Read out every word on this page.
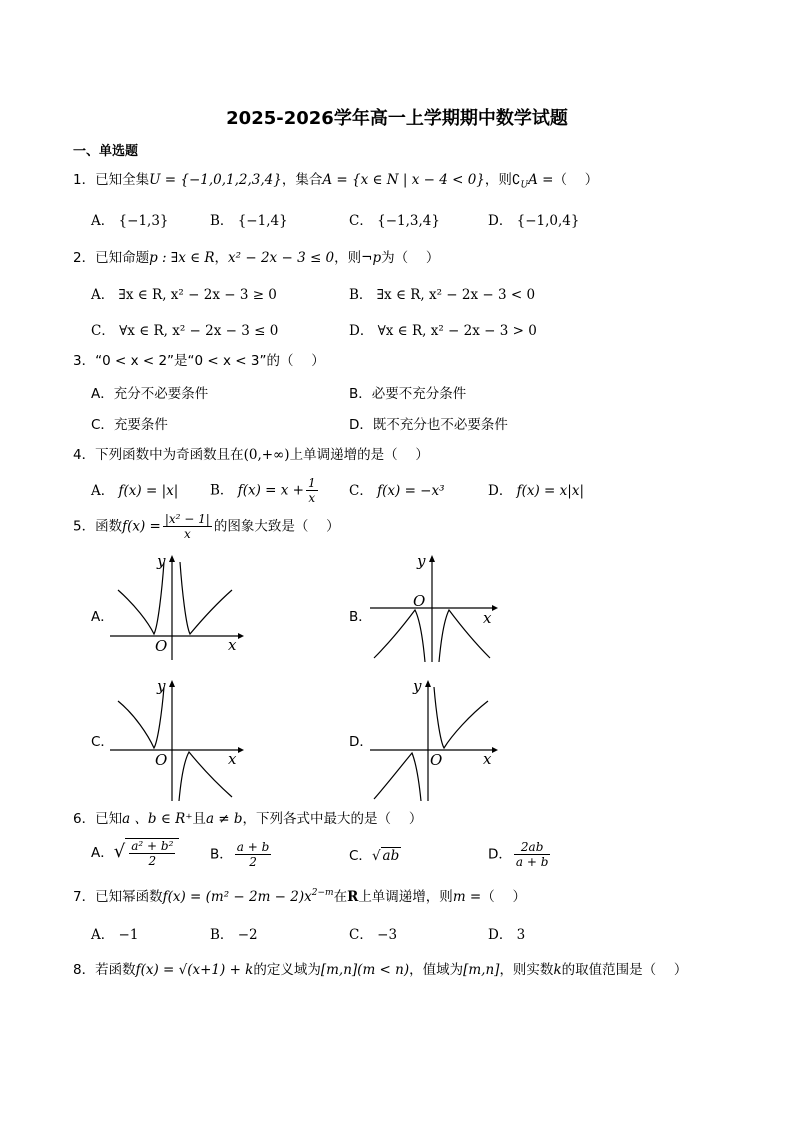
2025-2026学年高一上学期期中数学试题
一、单选题
1．已知全集U = {−1,0,1,2,3,4}，集合A = {x ∈ N | x − 4 < 0}，则$∁_UA$ =（　 ）
A． {−1,3}	B． {−1,4}	C． {−1,3,4}	D． {−1,0,4}
2．已知命题p : ∃x ∈ R，x² − 2x − 3 ≤ 0，则¬p为（　 ）
A． ∃x ∈ R, x² − 2x − 3 ≥ 0	B． ∃x ∈ R, x² − 2x − 3 < 0
C． ∀x ∈ R, x² − 2x − 3 ≤ 0	D． ∀x ∈ R, x² − 2x − 3 > 0
3．“0 < x < 2”是“0 < x < 3”的（　 ）
A．充分不必要条件	B．必要不充分条件
C．充要条件	D．既不充分也不必要条件
4．下列函数中为奇函数且在(0,+∞)上单调递增的是（　 ）
A． f(x) = |x| B． $f(x) = x + \frac{1}{x}$ C． f(x) = −x³	D． f(x) = x|x|
5．函数$f(x) = \frac{\text{|x² − 1|}}{x}$ 的图象大致是（　 ）
A．	B．
C．	D．
O	x
y
O
x
y
O	x
y
O	x
y
6．已知a 、b ∈ R⁺且a ≠ b，下列各式中最大的是（　 ）
A．√ $\frac{\text{a² + b²}}{2}$	B． $\frac{a + b}{2}$	C．√ ab	D． $\frac{2ab}{a + b}$
7．已知幂函数$f(x) = (m^2 - 2m - 2)x^{2-m}$在R上单调递增，则m =（　 ）
A． −1	B． −2	C． −3	D． 3
8．若函数f(x) = √(x+1) + k的定义域为[m,n](m < n)，值域为[m,n]，则实数k的取值范围是（　 ）
